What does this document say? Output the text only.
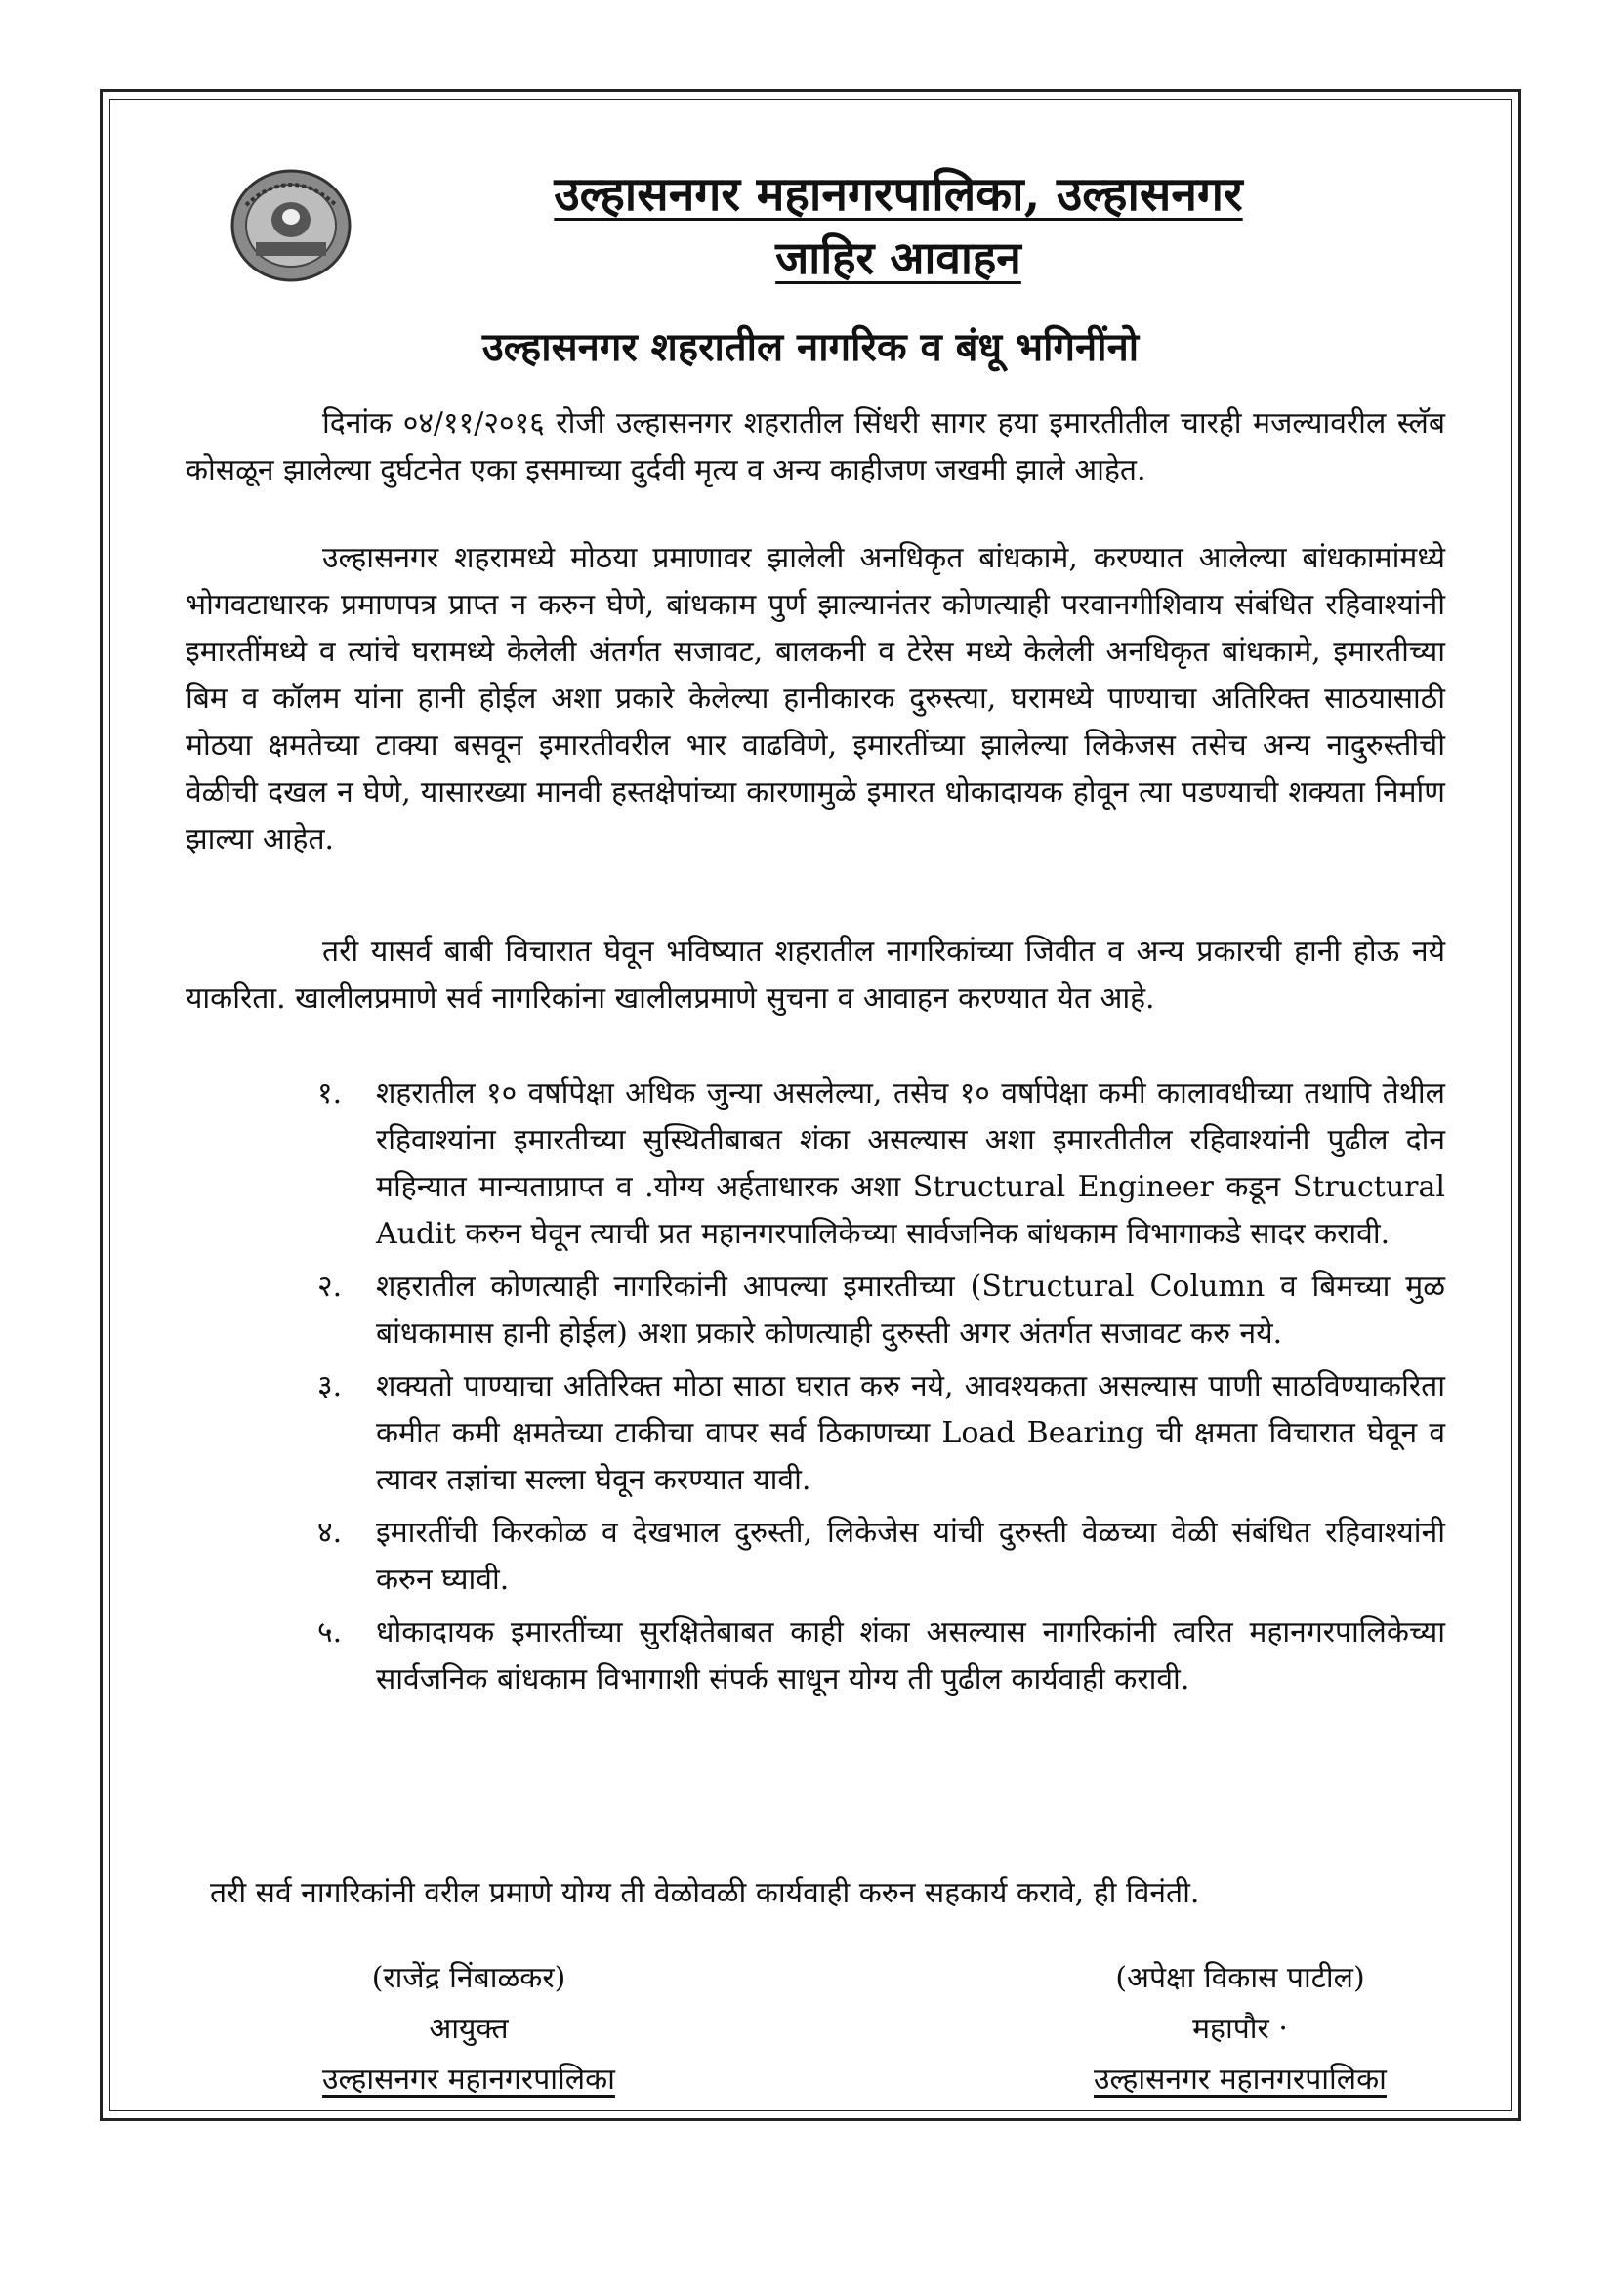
उल्हासनगर महानगरपालिका, उल्हासनगर
जाहिर आवाहन
उल्हासनगर शहरातील नागरिक व बंधू भगिनींनो

दिनांक ०४/११/२०१६ रोजी उल्हासनगर शहरातील सिंधरी सागर हया इमारतीतील चारही मजल्यावरील स्लॅब कोसळून झालेल्या दुर्घटनेत एका इसमाच्या दुर्दवी मृत्य व अन्य काहीजण जखमी झाले आहेत.

उल्हासनगर शहरामध्ये मोठया प्रमाणावर झालेली अनधिकृत बांधकामे, करण्यात आलेल्या बांधकामांमध्ये भोगवटाधारक प्रमाणपत्र प्राप्त न करुन घेणे, बांधकाम पुर्ण झाल्यानंतर कोणत्याही परवानगीशिवाय संबंधित रहिवाश्यांनी इमारतींमध्ये व त्यांचे घरामध्ये केलेली अंतर्गत सजावट, बालकनी व टेरेस मध्ये केलेली अनधिकृत बांधकामे, इमारतीच्या बिम व कॉलम यांना हानी होईल अशा प्रकारे केलेल्या हानीकारक दुरुस्त्या, घरामध्ये पाण्याचा अतिरिक्त साठयासाठी मोठया क्षमतेच्या टाक्या बसवून इमारतीवरील भार वाढविणे, इमारतींच्या झालेल्या लिकेजस तसेच अन्य नादुरुस्तीची वेळीची दखल न घेणे, यासारख्या मानवी हस्तक्षेपांच्या कारणामुळे इमारत धोकादायक होवून त्या पडण्याची शक्यता निर्माण झाल्या आहेत.

तरी यासर्व बाबी विचारात घेवून भविष्यात शहरातील नागरिकांच्या जिवीत व अन्य प्रकारची हानी होऊ नये याकरिता. खालीलप्रमाणे सर्व नागरिकांना खालीलप्रमाणे सुचना व आवाहन करण्यात येत आहे.

१. शहरातील १० वर्षापेक्षा अधिक जुन्या असलेल्या, तसेच १० वर्षापेक्षा कमी कालावधीच्या तथापि तेथील रहिवाश्यांना इमारतीच्या सुस्थितीबाबत शंका असल्यास अशा इमारतीतील रहिवाश्यांनी पुढील दोन महिन्यात मान्यताप्राप्त व .योग्य अर्हताधारक अशा Structural Engineer कडून Structural Audit करुन घेवून त्याची प्रत महानगरपालिकेच्या सार्वजनिक बांधकाम विभागाकडे सादर करावी.
२. शहरातील कोणत्याही नागरिकांनी आपल्या इमारतीच्या (Structural Column व बिमच्या मुळ बांधकामास हानी होईल) अशा प्रकारे कोणत्याही दुरुस्ती अगर अंतर्गत सजावट करु नये.
३. शक्यतो पाण्याचा अतिरिक्त मोठा साठा घरात करु नये, आवश्यकता असल्यास पाणी साठविण्याकरिता कमीत कमी क्षमतेच्या टाकीचा वापर सर्व ठिकाणच्या Load Bearing ची क्षमता विचारात घेवून व त्यावर तज्ञांचा सल्ला घेवून करण्यात यावी.
४. इमारतींची किरकोळ व देखभाल दुरुस्ती, लिकेजेस यांची दुरुस्ती वेळच्या वेळी संबंधित रहिवाश्यांनी करुन घ्यावी.
५. धोकादायक इमारतींच्या सुरक्षितेबाबत काही शंका असल्यास नागरिकांनी त्वरित महानगरपालिकेच्या सार्वजनिक बांधकाम विभागाशी संपर्क साधून योग्य ती पुढील कार्यवाही करावी.
तरी सर्व नागरिकांनी वरील प्रमाणे योग्य ती वेळोवळी कार्यवाही करुन सहकार्य करावे, ही विनंती.
(राजेंद्र निंबाळकर)
आयुक्त
उल्हासनगर महानगरपालिका
(अपेक्षा विकास पाटील)
महापौर ·
उल्हासनगर महानगरपालिका
